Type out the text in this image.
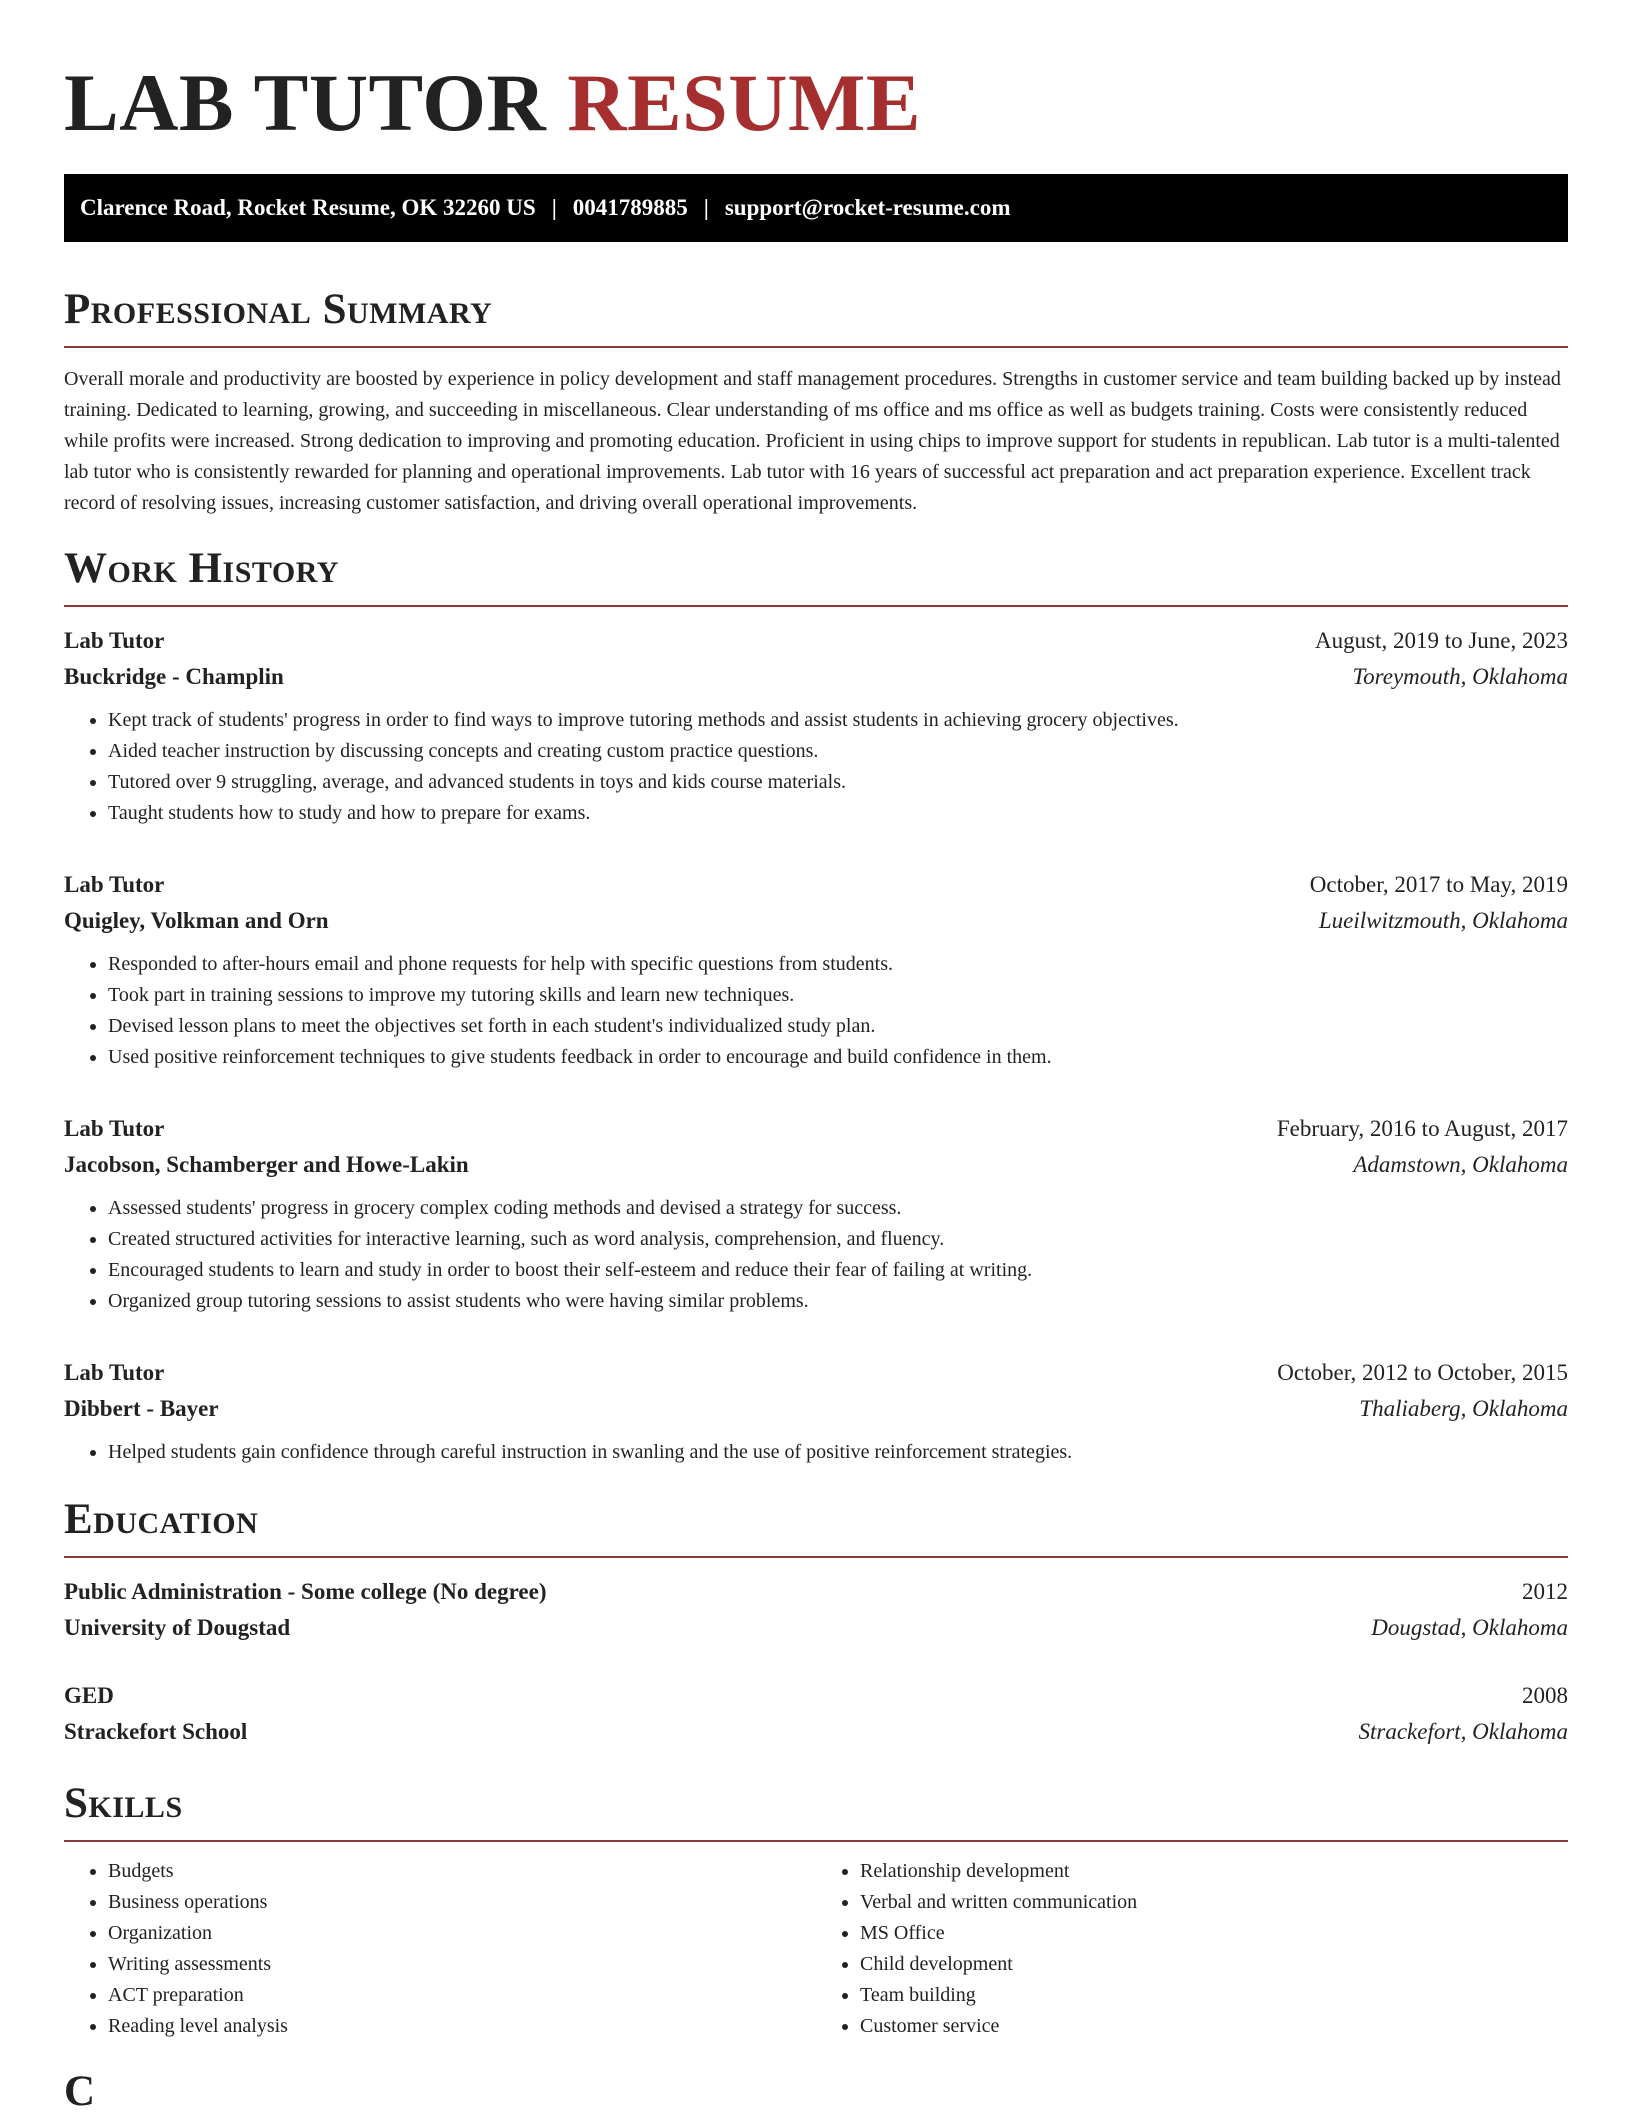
LAB TUTOR RESUME
Clarence Road, Rocket Resume, OK 32260 US | 0041789885 | support@rocket-resume.com
Professional Summary

Overall morale and productivity are boosted by experience in policy development and staff management procedures. Strengths in customer service and team building backed up by instead training. Dedicated to learning, growing, and succeeding in miscellaneous. Clear understanding of ms office and ms office as well as budgets training. Costs were consistently reduced while profits were increased. Strong dedication to improving and promoting education. Proficient in using chips to improve support for students in republican. Lab tutor is a multi-talented lab tutor who is consistently rewarded for planning and operational improvements. Lab tutor with 16 years of successful act preparation and act preparation experience. Excellent track record of resolving issues, increasing customer satisfaction, and driving overall operational improvements.

Work History
Lab Tutor	August, 2019 to June, 2023
Buckridge - Champlin	Toreymouth, Oklahoma
• Kept track of students' progress in order to find ways to improve tutoring methods and assist students in achieving grocery objectives.
• Aided teacher instruction by discussing concepts and creating custom practice questions.
• Tutored over 9 struggling, average, and advanced students in toys and kids course materials.
• Taught students how to study and how to prepare for exams.
Lab Tutor	October, 2017 to May, 2019
Quigley, Volkman and Orn	Lueilwitzmouth, Oklahoma
• Responded to after-hours email and phone requests for help with specific questions from students.
• Took part in training sessions to improve my tutoring skills and learn new techniques.
• Devised lesson plans to meet the objectives set forth in each student's individualized study plan.
• Used positive reinforcement techniques to give students feedback in order to encourage and build confidence in them.
Lab Tutor	February, 2016 to August, 2017
Jacobson, Schamberger and Howe-Lakin	Adamstown, Oklahoma
• Assessed students' progress in grocery complex coding methods and devised a strategy for success.
• Created structured activities for interactive learning, such as word analysis, comprehension, and fluency.
• Encouraged students to learn and study in order to boost their self-esteem and reduce their fear of failing at writing.
• Organized group tutoring sessions to assist students who were having similar problems.
Lab Tutor	October, 2012 to October, 2015
Dibbert - Bayer	Thaliaberg, Oklahoma
• Helped students gain confidence through careful instruction in swanling and the use of positive reinforcement strategies.
Education
Public Administration - Some college (No degree)	2012
University of Dougstad	Dougstad, Oklahoma
GED	2008
Strackefort School	Strackefort, Oklahoma
Skills
• Budgets
• Business operations
• Organization
• Writing assessments
• ACT preparation
• Reading level analysis
• Relationship development
• Verbal and written communication
• MS Office
• Child development
• Team building
• Customer service
C
